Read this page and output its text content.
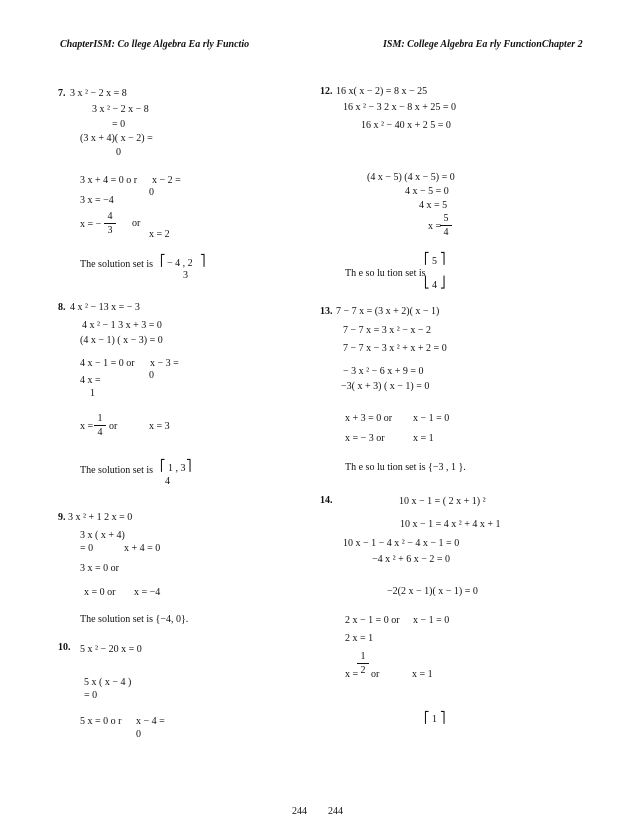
ChapterISM: Co llege Algebra Ea rly Functio	ISM: College Algebra Ea rly FunctionChapter 2
7. 3 x ² − 2 x = 8
3 x ² − 2 x − 8
= 0
(3 x + 4)( x − 2) =
0
3 x + 4 = 0 o r x − 2 =
0
3 x = −4
x = −
4
3
or
x = 2
The solution set is ⎡ − 4 , 2 ⎤
3
8. 4 x ² − 13 x = − 3
4 x ² − 1 3 x + 3 = 0
(4 x − 1) ( x − 3) = 0
4 x − 1 = 0 or x − 3 =
0
4 x =
1
x =
1
4
or	x = 3
The solution set is ⎡ 1 , 3 ⎤
4
9. 3 x ² + 1 2 x = 0
3 x ( x + 4)
= 0	x + 4 = 0
3 x = 0 or
x = 0 or x = −4
The solution set is {−4, 0}.
10. 5 x ² − 20 x = 0
5 x ( x − 4 )
= 0
5 x = 0 o r x − 4 =
0
12. 16 x( x − 2) = 8 x − 25
16 x ² − 3 2 x − 8 x + 25 = 0
16 x ² − 40 x + 2 5 = 0
(4 x − 5) (4 x − 5) = 0
4 x − 5 = 0
4 x = 5
x =
5
4
⎡ 5 ⎤
Th e so lu tion set is
⎣ 4 ⎦
13. 7 − 7 x = (3 x + 2)( x − 1)
7 − 7 x = 3 x ² − x − 2
7 − 7 x − 3 x ² + x + 2 = 0
− 3 x ² − 6 x + 9 = 0
−3( x + 3) ( x − 1) = 0
x + 3 = 0 or x − 1 = 0
x = − 3 or	x = 1
Th e so lu tion set is {−3 , 1 }.
14.	10 x − 1 = ( 2 x + 1) ²
10 x − 1 = 4 x ² + 4 x + 1
10 x − 1 − 4 x ² − 4 x − 1 = 0
−4 x ² + 6 x − 2 = 0
−2(2 x − 1)( x − 1) = 0
2 x − 1 = 0 or x − 1 = 0
2 x = 1
1
2
x = or	x = 1
⎡ 1 ⎤
244 244
